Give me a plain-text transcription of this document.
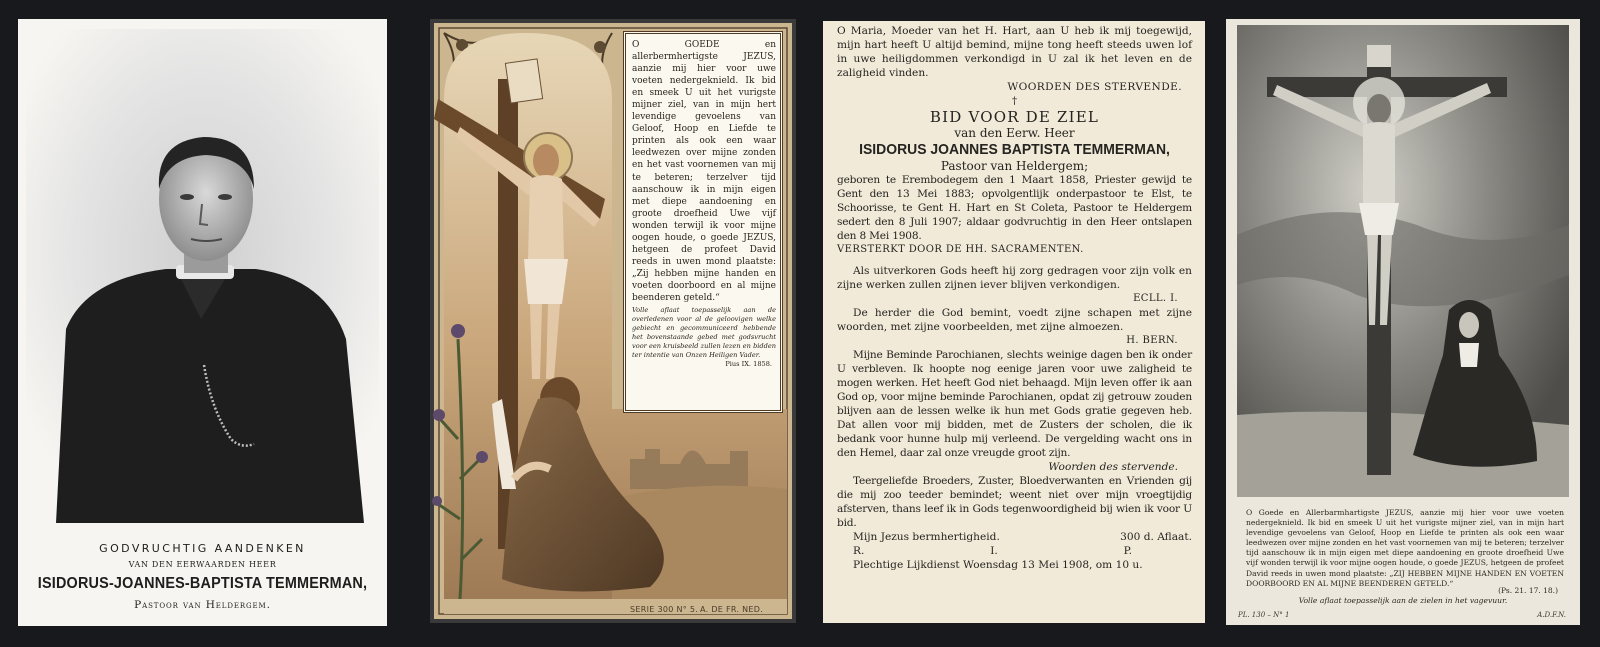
GODVRUCHTIG AANDENKEN
VAN DEN EERWAARDEN HEER
ISIDORUS-JOANNES-BAPTISTA TEMMERMAN,
Pastoor van Heldergem.

O GOEDE en allerbermhertigste JEZUS, aanzie mij hier voor uwe voeten nedergeknield. Ik bid en smeek U uit het vurigste mijner ziel, van in mijn hert levendige gevoelens van Geloof, Hoop en Liefde te printen als ook een waar leedwezen over mijne zonden en het vast voornemen van mij te beteren; terzelver tijd aanschouw ik in mijn eigen met diepe aandoening en groote droefheid Uwe vijf wonden terwijl ik voor mijne oogen houde, o goede JEZUS, hetgeen de profeet David reeds in uwen mond plaatste: „Zij hebben mijne handen en voeten doorboord en al mijne beenderen geteld.“

Volle aflaat toepasselijk aan de overledenen voor al de geloovigen welke gebiecht en gecommuniceerd hebbende het bovenstaande gebed met godsvrucht voor een kruisbeeld zullen lezen en bidden ter intentie van Onzen Heiligen Vader.

Pius IX. 1858.

SERIE 300 N° 5. A. DE FR. NED.

O Maria, Moeder van het H. Hart, aan U heb ik mij toegewijd, mijn hart heeft U altijd bemind, mijne tong heeft steeds uwen lof in uwe heiligdommen verkondigd in U zal ik het leven en de zaligheid vinden.

WOORDEN DES STERVENDE.

†

BID VOOR DE ZIEL

van den Eerw. Heer

ISIDORUS JOANNES BAPTISTA TEMMERMAN,

Pastoor van Heldergem;

geboren te Erembodegem den 1 Maart 1858, Priester gewijd te Gent den 13 Mei 1883; opvolgentlijk onderpastoor te Elst, te Schoorisse, te Gent H. Hart en St Coleta, Pastoor te Heldergem sedert den 8 Juli 1907; aldaar godvruchtig in den Heer ontslapen den 8 Mei 1908.

VERSTERKT DOOR DE HH. SACRAMENTEN.

Als uitverkoren Gods heeft hij zorg gedragen voor zijn volk en zijne werken zullen zijnen iever blijven verkondigen.

ECLL. I.

De herder die God bemint, voedt zijne schapen met zijne woorden, met zijne voorbeelden, met zijne almoezen.

H. BERN.

Mijne Beminde Parochianen, slechts weinige dagen ben ik onder U verbleven. Ik hoopte nog eenige jaren voor uwe zaligheid te mogen werken. Het heeft God niet behaagd. Mijn leven offer ik aan God op, voor mijne beminde Parochianen, opdat zij getrouw zouden blijven aan de lessen welke ik hun met Gods gratie gegeven heb. Dat allen voor mij bidden, met de Zusters der scholen, die ik bedank voor hunne hulp mij verleend. De vergelding wacht ons in den Hemel, daar zal onze vreugde groot zijn.

Woorden des stervende.

Teergeliefde Broeders, Zuster, Bloedverwanten en Vrienden gij die mij zoo teeder bemindet; weent niet over mijn vroegtijdig afsterven, thans leef ik in Gods tegenwoordigheid bij wien ik voor U bid.

Mijn Jezus bermhertigheid.	300 d. Aflaat.
R.	I.	P.

Plechtige Lijkdienst Woensdag 13 Mei 1908, om 10 u.

O Goede en Allerbarmhartigste JEZUS, aanzie mij hier voor uwe voeten nedergeknield. Ik bid en smeek U uit het vurigste mijner ziel, van in mijn hart levendige gevoelens van Geloof, Hoop en Liefde te printen als ook een waar leedwezen over mijne zonden en het vast voornemen van mij te beteren; terzelver tijd aanschouw ik in mijn eigen met diepe aandoening en groote droefheid Uwe vijf wonden terwijl ik voor mijne oogen houde, o goede JEZUS, hetgeen de profeet David reeds in uwen mond plaatste: „ZIJ HEBBEN MIJNE HANDEN EN VOETEN DOORBOORD EN AL MIJNE BEENDEREN GETELD.“
(Ps. 21. 17. 18.)
Volle aflaat toepasselijk aan de zielen in het vagevuur.
PL. 130 – N° 1	A.D.F.N.
